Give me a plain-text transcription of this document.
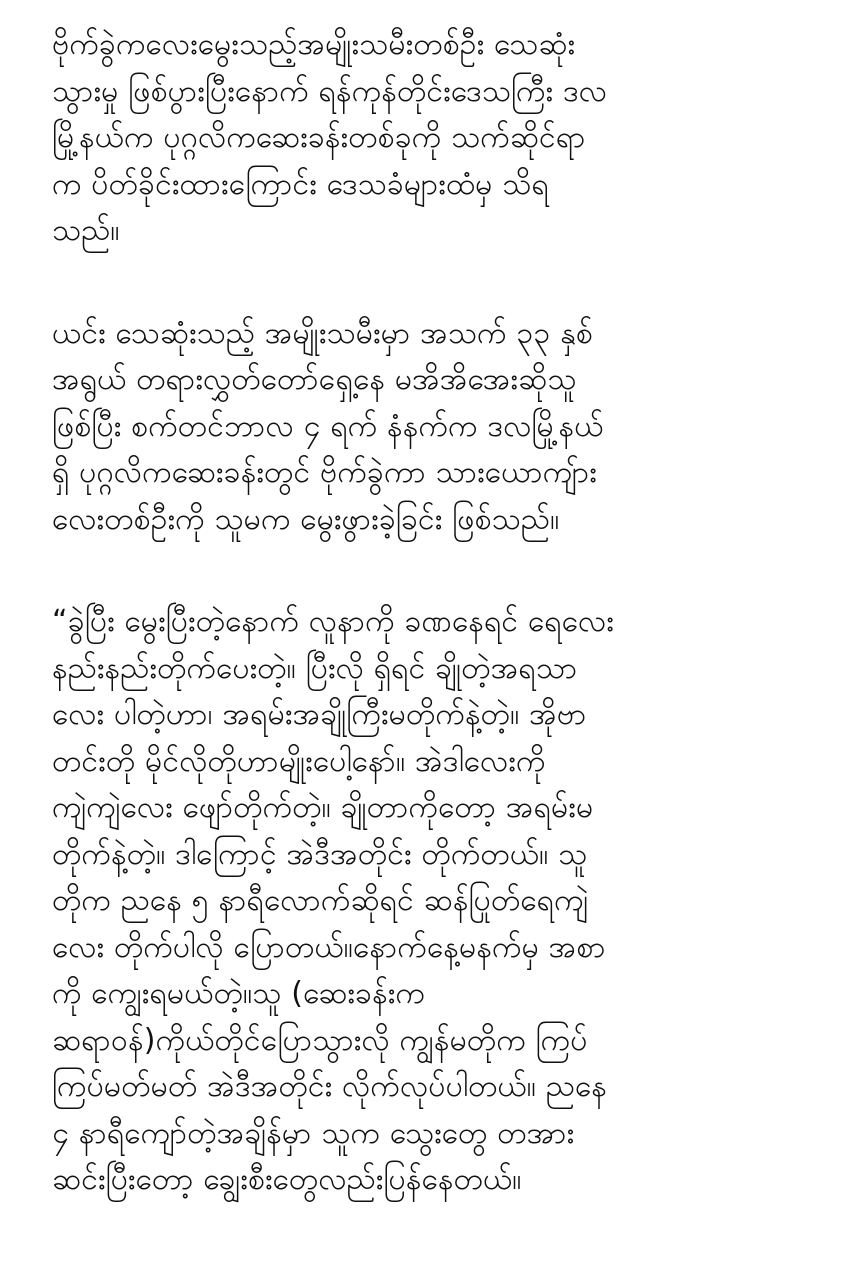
ဗိုက်ခွဲကလေးမွေးသည့်အမျိုးသမီးတစ်ဦး သေဆုံး
သွားမှု ဖြစ်ပွားပြီးနောက် ရန်ကုန်တိုင်းဒေသကြီး ဒလ
မြို့နယ်က ပုဂ္ဂလိကဆေးခန်းတစ်ခုကို သက်ဆိုင်ရာ
က ပိတ်ခိုင်းထားကြောင်း ဒေသခံများထံမှ သိရ
သည်။
ယင်း သေဆုံးသည့် အမျိုးသမီးမှာ အသက် ၃၃ နှစ်
အရွယ် တရားလွှတ်တော်ရှေ့နေ မအိအိအေးဆိုသူ
ဖြစ်ပြီး စက်တင်ဘာလ ၄ ရက် နံနက်က ဒလမြို့နယ်
ရှိ ပုဂ္ဂလိကဆေးခန်းတွင် ဗိုက်ခွဲကာ သားယောကျ်ား
လေးတစ်ဦးကို သူမက မွေးဖွားခဲ့ခြင်း ဖြစ်သည်။
“ခွဲပြီး မွေးပြီးတဲ့နောက် လူနာကို ခဏနေရင် ရေလေး
နည်းနည်းတိုက်ပေးတဲ့။ ပြီးလို ရှိရင် ချိုတဲ့အရသာ
လေး ပါတဲ့ဟာ၊ အရမ်းအချိုကြီးမတိုက်နဲ့တဲ့။ အိုဗာ
တင်းတို မိုင်လိုတိုဟာမျိုးပေါ့နော်။ အဲဒါလေးကို
ကျဲကျဲလေး ဖျော်တိုက်တဲ့။ ချိုတာကိုတော့ အရမ်းမ
တိုက်နဲ့တဲ့။ ဒါကြောင့် အဲဒီအတိုင်း တိုက်တယ်။ သူ
တိုက ညနေ ၅ နာရီလောက်ဆိုရင် ဆန်ပြုတ်ရေကျဲ
လေး တိုက်ပါလို ပြောတယ်။နောက်နေ့မနက်မှ အစာ
ကို ကျွေးရမယ်တဲ့။သူ (ဆေးခန်းက
ဆရာဝန်)ကိုယ်တိုင်ပြောသွားလို ကျွန်မတိုက ကြပ်
ကြပ်မတ်မတ် အဲဒီအတိုင်း လိုက်လုပ်ပါတယ်။ ညနေ
၄ နာရီကျော်တဲ့အချိန်မှာ သူက သွေးတွေ တအား
ဆင်းပြီးတော့ ချွေးစီးတွေလည်းပြန်နေတယ်။
